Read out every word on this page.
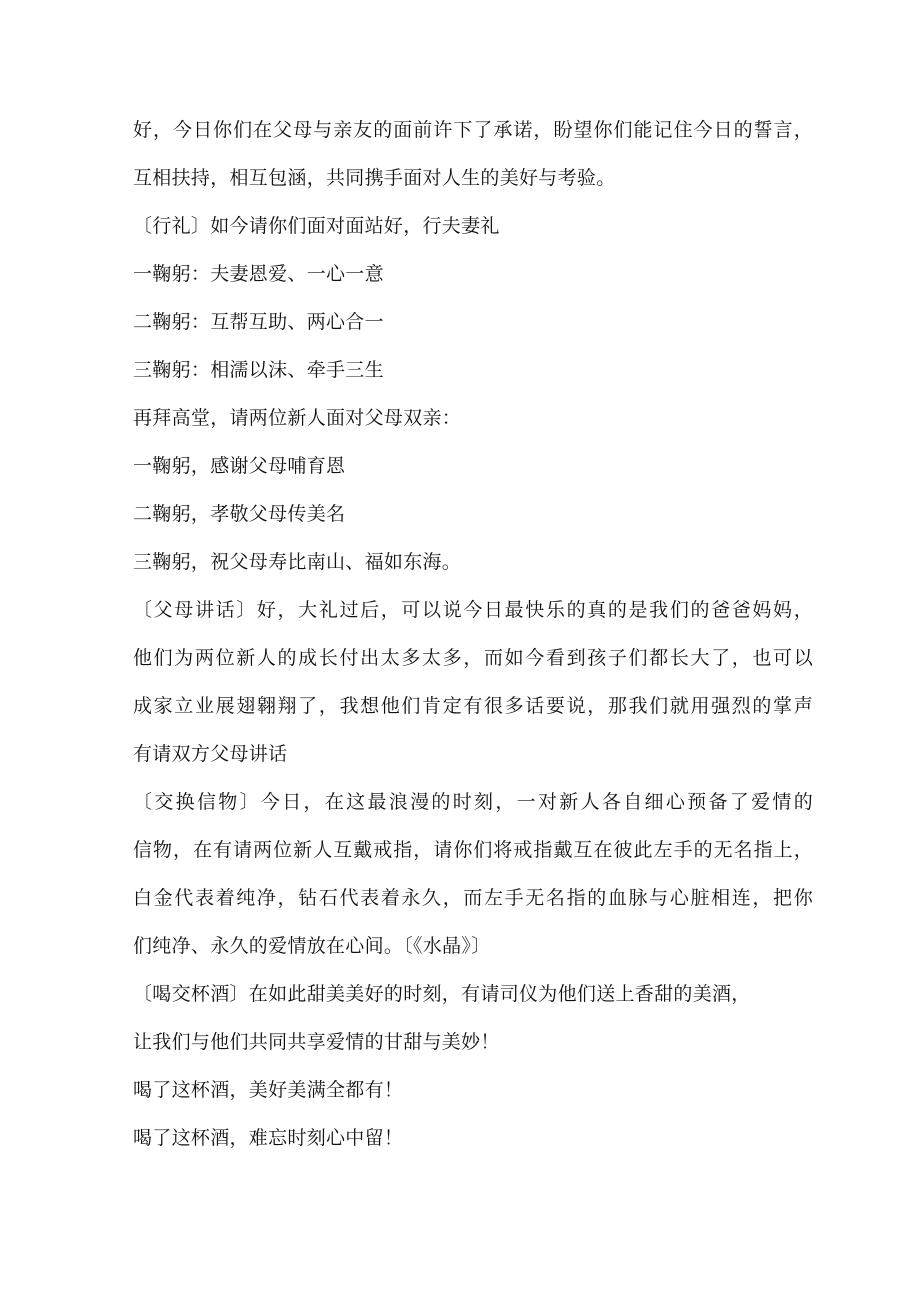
好，今日你们在父母与亲友的面前许下了承诺，盼望你们能记住今日的誓言，
互相扶持，相互包涵，共同携手面对人生的美好与考验。
〔行礼〕如今请你们面对面站好，行夫妻礼
一鞠躬：夫妻恩爱、一心一意
二鞠躬：互帮互助、两心合一
三鞠躬：相濡以沫、牵手三生
再拜高堂，请两位新人面对父母双亲：
一鞠躬，感谢父母哺育恩
二鞠躬，孝敬父母传美名
三鞠躬，祝父母寿比南山、福如东海。
〔父母讲话〕好，大礼过后，可以说今日最快乐的真的是我们的爸爸妈妈，
他们为两位新人的成长付出太多太多，而如今看到孩子们都长大了，也可以
成家立业展翅翱翔了，我想他们肯定有很多话要说，那我们就用强烈的掌声
有请双方父母讲话
〔交换信物〕今日，在这最浪漫的时刻，一对新人各自细心预备了爱情的
信物，在有请两位新人互戴戒指，请你们将戒指戴互在彼此左手的无名指上，
白金代表着纯净，钻石代表着永久，而左手无名指的血脉与心脏相连，把你
们纯净、永久的爱情放在心间。〔《水晶》〕
〔喝交杯酒〕在如此甜美美好的时刻，有请司仪为他们送上香甜的美酒，
让我们与他们共同共享爱情的甘甜与美妙！
喝了这杯酒，美好美满全都有！
喝了这杯酒，难忘时刻心中留！
